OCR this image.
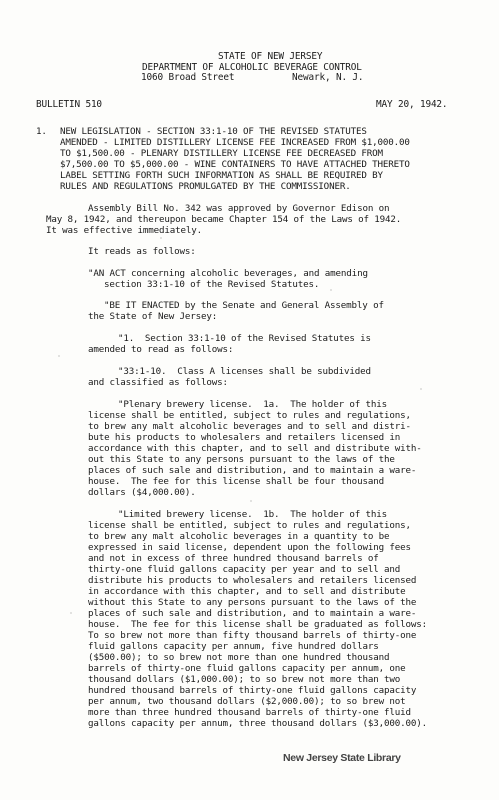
STATE OF NEW JERSEY
DEPARTMENT OF ALCOHOLIC BEVERAGE CONTROL
1060 Broad Street	Newark, N. J.
BULLETIN 510	MAY 20, 1942.
1. NEW LEGISLATION - SECTION 33:1-10 OF THE REVISED STATUTES
AMENDED - LIMITED DISTILLERY LICENSE FEE INCREASED FROM $1,000.00
TO $1,500.00 - PLENARY DISTILLERY LICENSE FEE DECREASED FROM
$7,500.00 TO $5,000.00 - WINE CONTAINERS TO HAVE ATTACHED THERETO
LABEL SETTING FORTH SUCH INFORMATION AS SHALL BE REQUIRED BY
RULES AND REGULATIONS PROMULGATED BY THE COMMISSIONER.
Assembly Bill No. 342 was approved by Governor Edison on
May 8, 1942, and thereupon became Chapter 154 of the Laws of 1942.
It was effective immediately.
It reads as follows:
"AN ACT concerning alcoholic beverages, and amending
section 33:1-10 of the Revised Statutes.
"BE IT ENACTED by the Senate and General Assembly of
the State of New Jersey:
"1.  Section 33:1-10 of the Revised Statutes is
amended to read as follows:
"33:1-10.  Class A licenses shall be subdivided
and classified as follows:
"Plenary brewery license.  1a.  The holder of this
license shall be entitled, subject to rules and regulations,
to brew any malt alcoholic beverages and to sell and distri-
bute his products to wholesalers and retailers licensed in
accordance with this chapter, and to sell and distribute with-
out this State to any persons pursuant to the laws of the
places of such sale and distribution, and to maintain a ware-
house.  The fee for this license shall be four thousand
dollars ($4,000.00).
"Limited brewery license.  1b.  The holder of this
license shall be entitled, subject to rules and regulations,
to brew any malt alcoholic beverages in a quantity to be
expressed in said license, dependent upon the following fees
and not in excess of three hundred thousand barrels of
thirty-one fluid gallons capacity per year and to sell and
distribute his products to wholesalers and retailers licensed
in accordance with this chapter, and to sell and distribute
without this State to any persons pursuant to the laws of the
places of such sale and distribution, and to maintain a ware-
house.  The fee for this license shall be graduated as follows:
To so brew not more than fifty thousand barrels of thirty-one
fluid gallons capacity per annum, five hundred dollars
($500.00); to so brew not more than one hundred thousand
barrels of thirty-one fluid gallons capacity per annum, one
thousand dollars ($1,000.00); to so brew not more than two
hundred thousand barrels of thirty-one fluid gallons capacity
per annum, two thousand dollars ($2,000.00); to so brew not
more than three hundred thousand barrels of thirty-one fluid
gallons capacity per annum, three thousand dollars ($3,000.00).
New Jersey State Library
